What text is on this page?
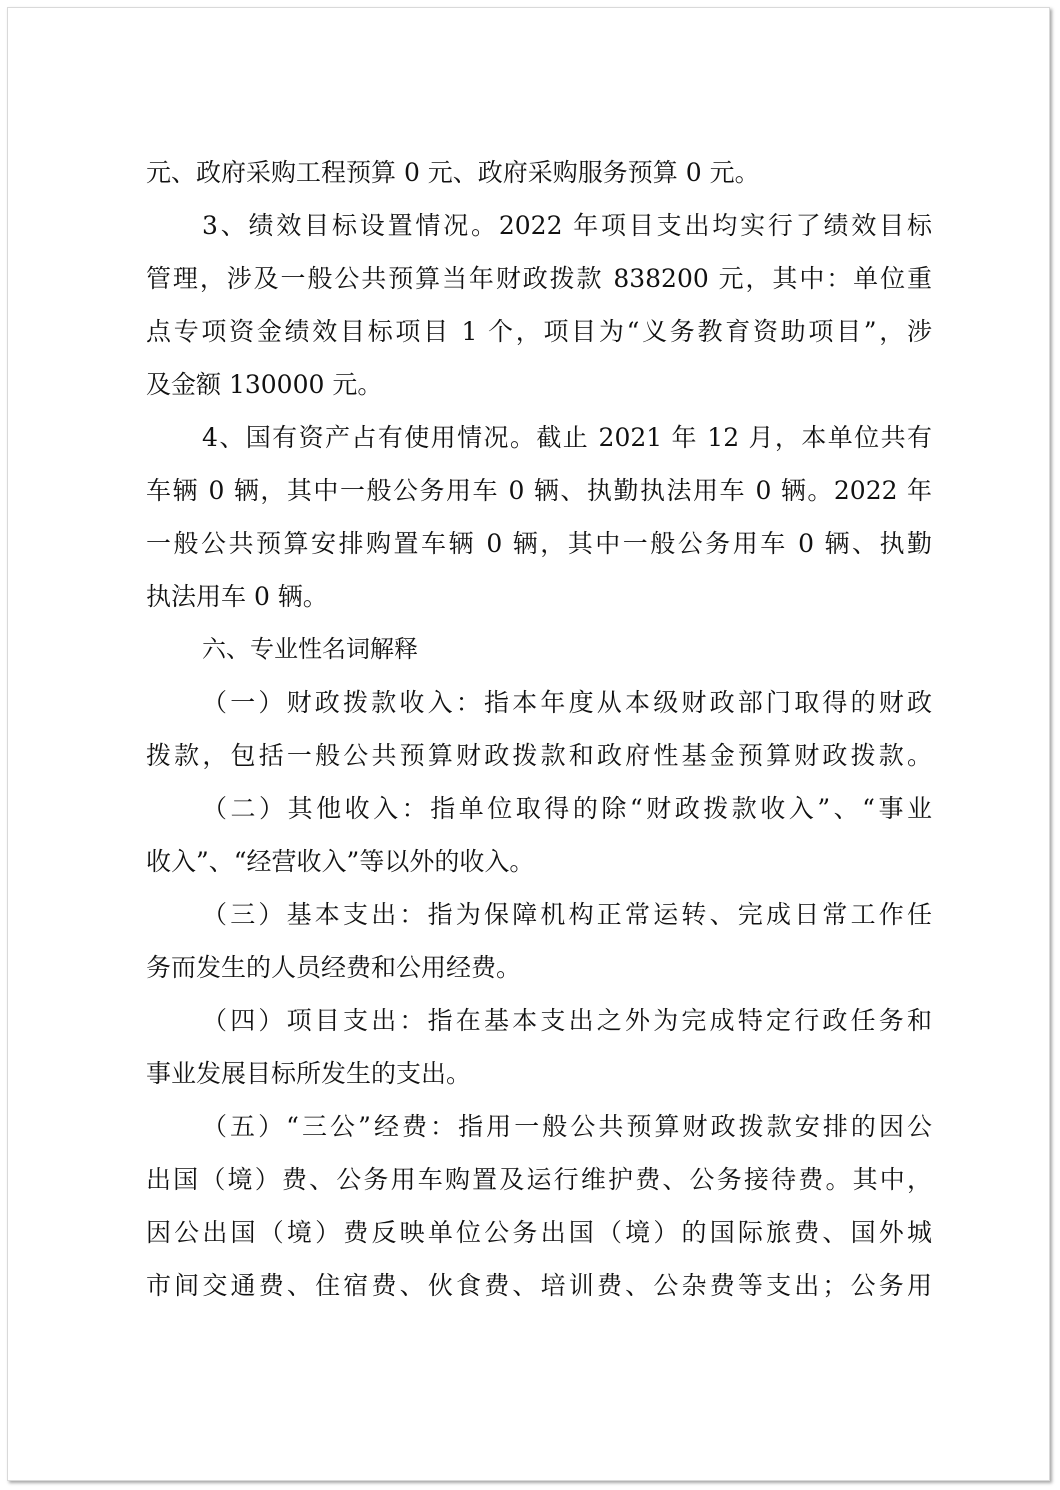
元、政府采购工程预算 0 元、政府采购服务预算 0 元。
3、绩效目标设置情况。2022 年项目支出均实行了绩效目标
管理，涉及一般公共预算当年财政拨款 838200 元，其中：单位重
点专项资金绩效目标项目 1 个，项目为“义务教育资助项目”，涉
及金额 130000 元。
4、国有资产占有使用情况。截止 2021 年 12 月，本单位共有
车辆 0 辆，其中一般公务用车 0 辆、执勤执法用车 0 辆。2022 年
一般公共预算安排购置车辆 0 辆，其中一般公务用车 0 辆、执勤
执法用车 0 辆。
六、专业性名词解释
（一）财政拨款收入：指本年度从本级财政部门取得的财政
拨款，包括一般公共预算财政拨款和政府性基金预算财政拨款。
（二）其他收入：指单位取得的除“财政拨款收入”、“事业
收入”、“经营收入”等以外的收入。
（三）基本支出：指为保障机构正常运转、完成日常工作任
务而发生的人员经费和公用经费。
（四）项目支出：指在基本支出之外为完成特定行政任务和
事业发展目标所发生的支出。
（五）“三公”经费：指用一般公共预算财政拨款安排的因公
出国（境）费、公务用车购置及运行维护费、公务接待费。其中，
因公出国（境）费反映单位公务出国（境）的国际旅费、国外城
市间交通费、住宿费、伙食费、培训费、公杂费等支出；公务用
